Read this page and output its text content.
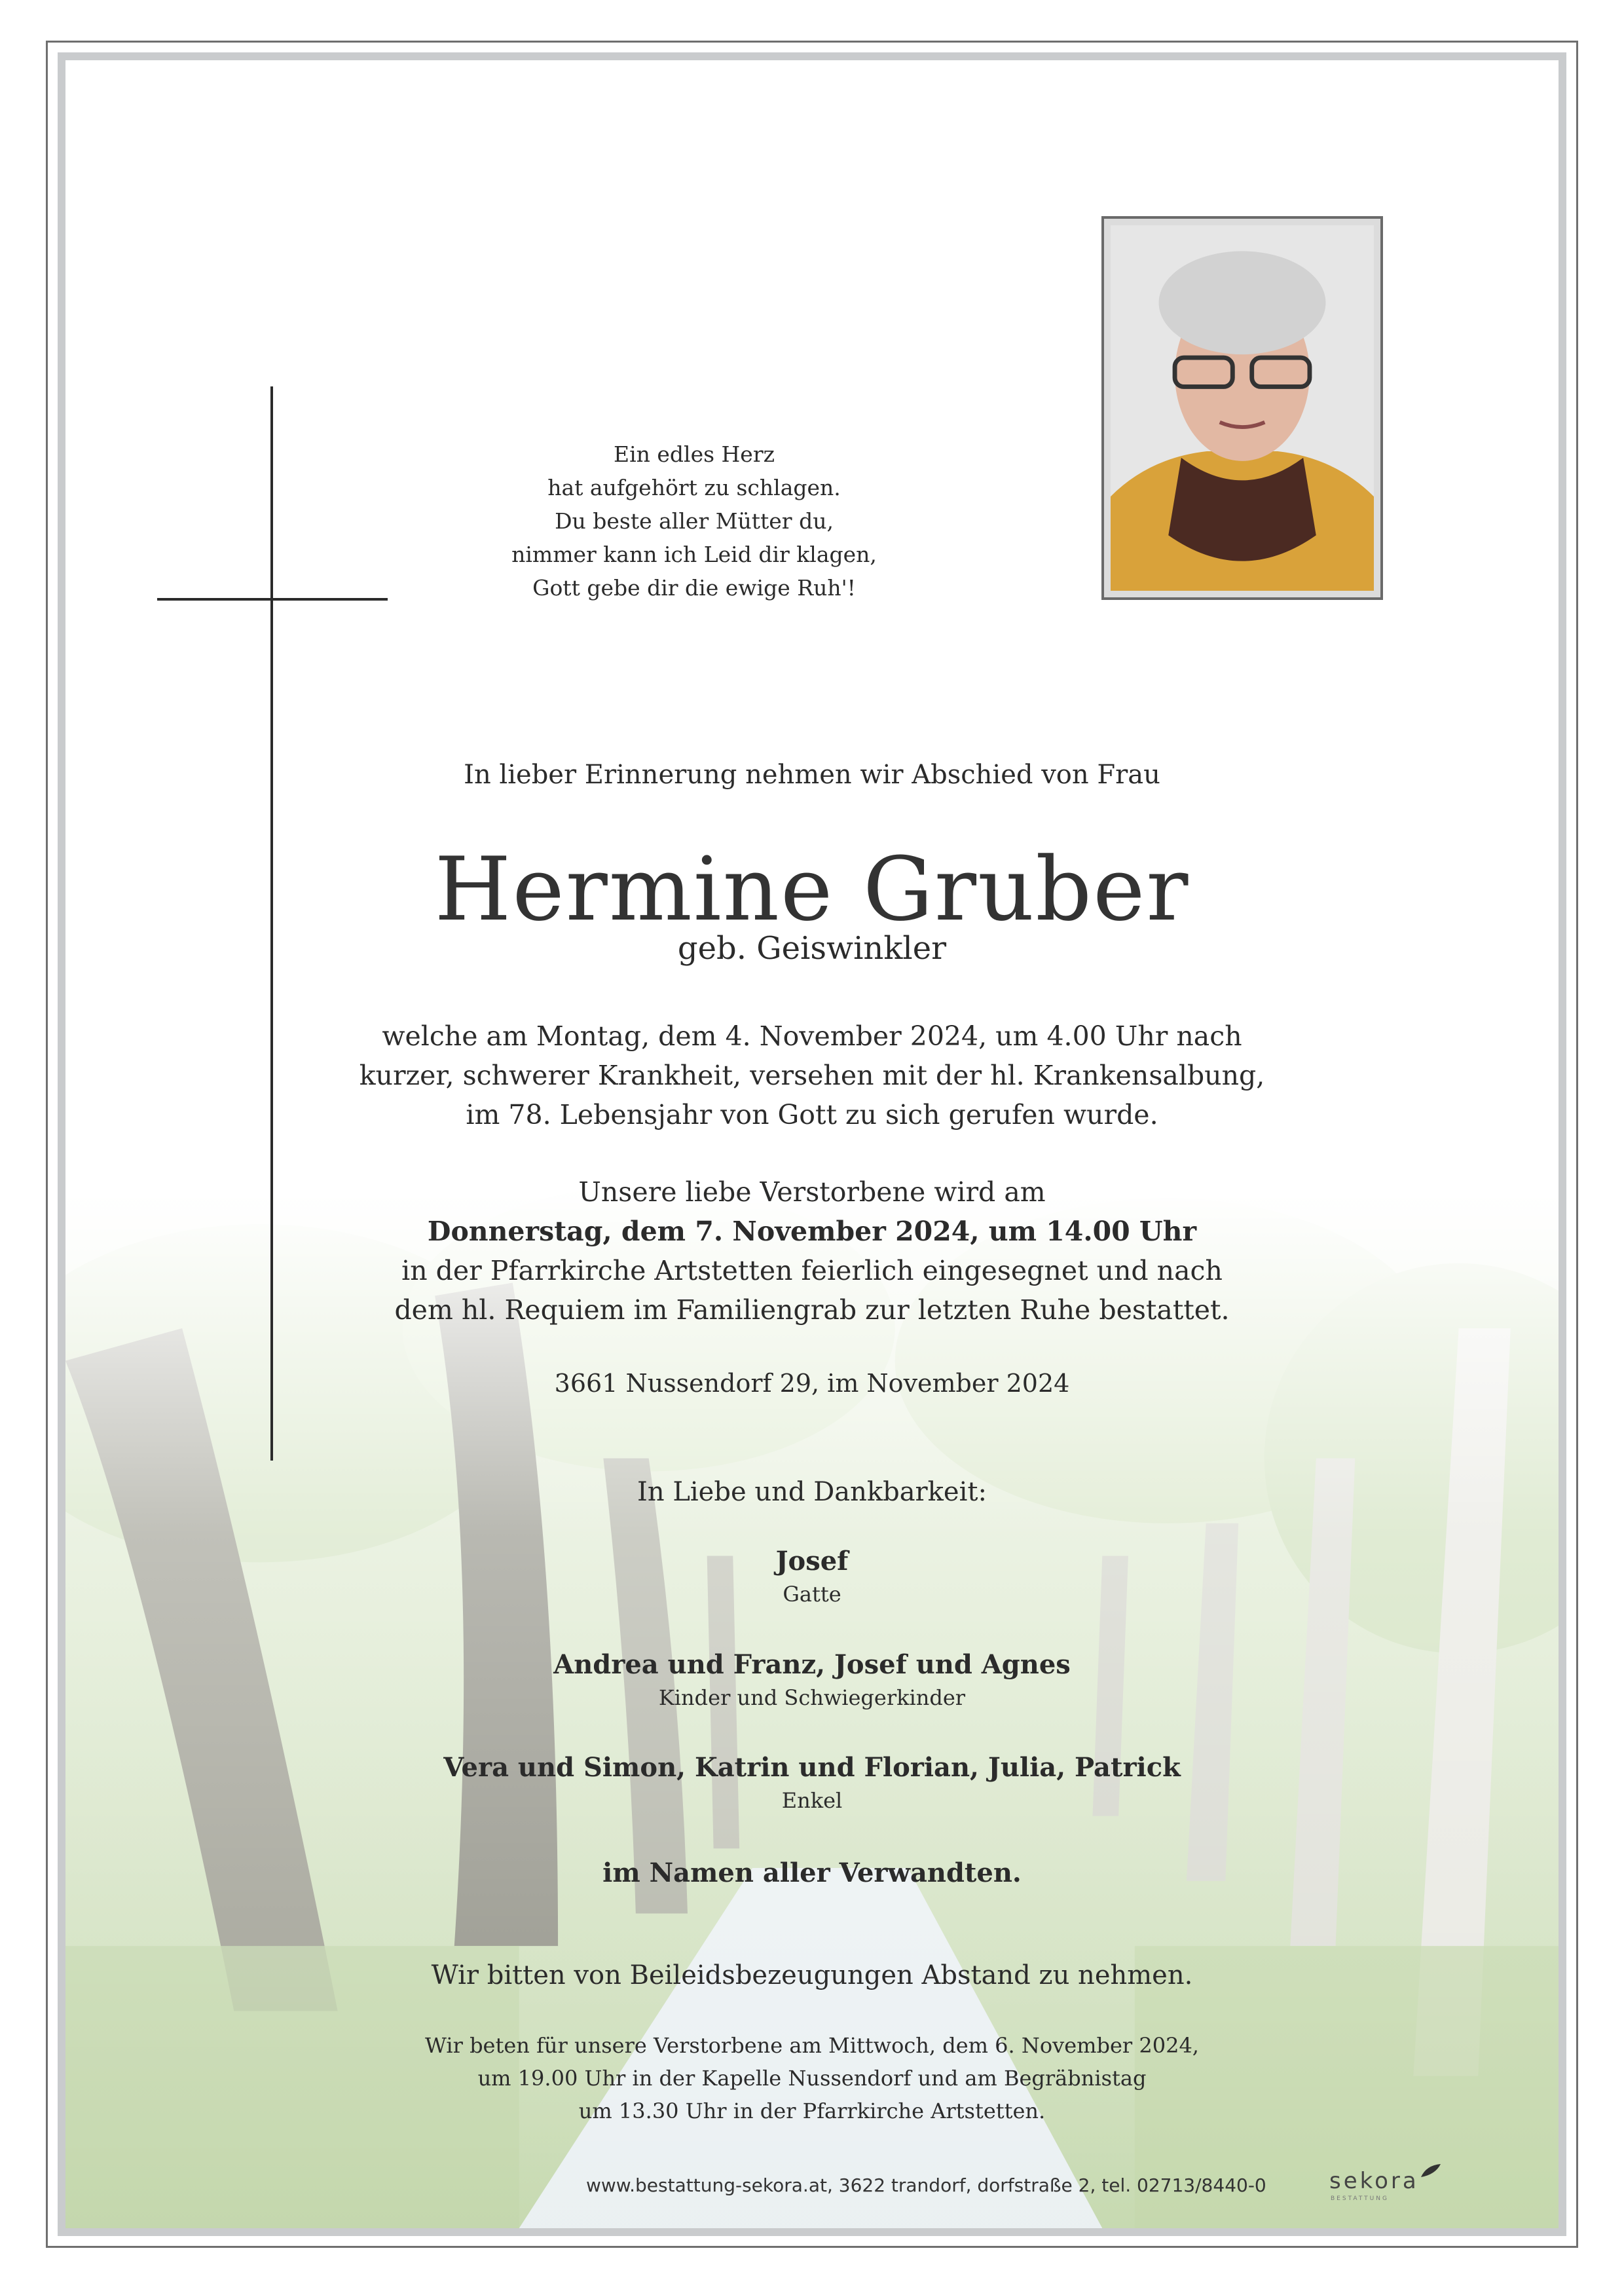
Ein edles Herz
hat aufgehört zu schlagen.
Du beste aller Mütter du,
nimmer kann ich Leid dir klagen,
Gott gebe dir die ewige Ruh'!
In lieber Erinnerung nehmen wir Abschied von Frau
Hermine Gruber
geb. Geiswinkler
welche am Montag, dem 4. November 2024, um 4.00 Uhr nach
kurzer, schwerer Krankheit, versehen mit der hl. Krankensalbung,
im 78. Lebensjahr von Gott zu sich gerufen wurde.
Unsere liebe Verstorbene wird am
Donnerstag, dem 7. November 2024, um 14.00 Uhr
in der Pfarrkirche Artstetten feierlich eingesegnet und nach
dem hl. Requiem im Familiengrab zur letzten Ruhe bestattet.
3661 Nussendorf 29, im November 2024
In Liebe und Dankbarkeit:
Josef
Gatte
Andrea und Franz, Josef und Agnes
Kinder und Schwiegerkinder
Vera und Simon, Katrin und Florian, Julia, Patrick
Enkel
im Namen aller Verwandten.
Wir bitten von Beileidsbezeugungen Abstand zu nehmen.
Wir beten für unsere Verstorbene am Mittwoch, dem 6. November 2024,
um 19.00 Uhr in der Kapelle Nussendorf und am Begräbnistag
um 13.30 Uhr in der Pfarrkirche Artstetten.
www.bestattung-sekora.at, 3622 trandorf, dorfstraße 2, tel. 02713/8440-0	sekora
BESTATTUNG
